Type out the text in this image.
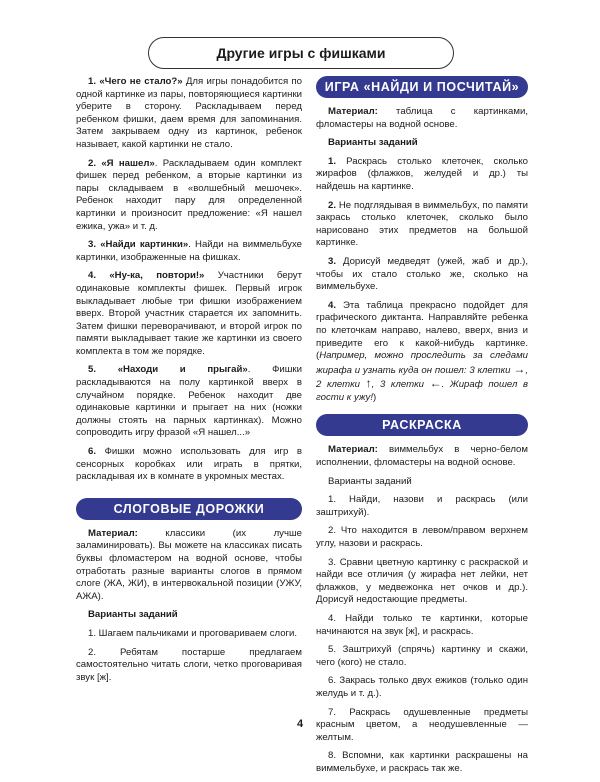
Другие игры с фишками

1. «Чего не стало?» Для игры понадобится по одной картинке из пары, повторяющиеся картинки уберите в сторону. Раскладываем перед ребенком фишки, даем время для запоминания. Затем закрываем одну из картинок, ребенок называет, какой картинки не стало.

2. «Я нашел». Раскладываем один комплект фишек перед ребенком, а вторые картинки из пары складываем в «волшебный мешочек». Ребенок находит пару для определенной картинки и произносит предложение: «Я нашел ежика, ужа» и т. д.

3. «Найди картинки». Найди на виммельбухе картинки, изображенные на фишках.

4. «Ну-ка, повтори!» Участники берут одинаковые комплекты фишек. Первый игрок выкладывает любые три фишки изображением вверх. Второй участник старается их запомнить. Затем фишки переворачивают, и второй игрок по памяти выкладывает такие же картинки из своего комплекта в том же порядке.

5. «Находи и прыгай». Фишки раскладываются на полу картинкой вверх в случайном порядке. Ребенок находит две одинаковые картинки и прыгает на них (ножки должны стоять на парных картинках). Можно сопроводить игру фразой «Я нашел...»

6. Фишки можно использовать для игр в сенсорных коробках или играть в прятки, раскладывая их в комнате в укромных местах.

СЛОГОВЫЕ ДОРОЖКИ

Материал: классики (их лучше заламинировать). Вы можете на классиках писать буквы фломастером на водной основе, чтобы отработать разные варианты слогов в прямом слоге (ЖА, ЖИ), в интервокальной позиции (УЖУ, АЖА).

Варианты заданий

1. Шагаем пальчиками и проговариваем слоги.

2. Ребятам постарше предлагаем самостоятельно читать слоги, четко проговаривая звук [ж].

ИГРА «НАЙДИ И ПОСЧИТАЙ»

Материал: таблица с картинками, фломастеры на водной основе.

Варианты заданий

1. Раскрась столько клеточек, сколько жирафов (флажков, желудей и др.) ты найдешь на картинке.

2. Не подглядывая в виммельбух, по памяти закрась столько клеточек, сколько было нарисовано этих предметов на большой картинке.

3. Дорисуй медведят (ужей, жаб и др.), чтобы их стало столько же, сколько на виммельбухе.

4. Эта таблица прекрасно подойдет для графического диктанта. Направляйте ребенка по клеточкам направо, налево, вверх, вниз и приведите его к какой-нибудь картинке. (Например, можно проследить за следами жирафа и узнать куда он пошел: 3 клетки →, 2 клетки ↑, 3 клетки ←. Жираф пошел в гости к ужу!)

РАСКРАСКА

Материал: виммельбух в черно-белом исполнении, фломастеры на водной основе.

Варианты заданий

1. Найди, назови и раскрась (или заштрихуй).

2. Что находится в левом/правом верхнем углу, назови и раскрась.

3. Сравни цветную картинку с раскраской и найди все отличия (у жирафа нет лейки, нет флажков, у медвежонка нет очков и др.). Дорисуй недостающие предметы.

4. Найди только те картинки, которые начинаются на звук [ж], и раскрась.

5. Заштрихуй (спрячь) картинку и скажи, чего (кого) не стало.

6. Закрась только двух ежиков (только один желудь и т. д.).

7. Раскрась одушевленные предметы красным цветом, а неодушевленные — желтым.

8. Вспомни, как картинки раскрашены на виммельбухе, и раскрась так же.

4
